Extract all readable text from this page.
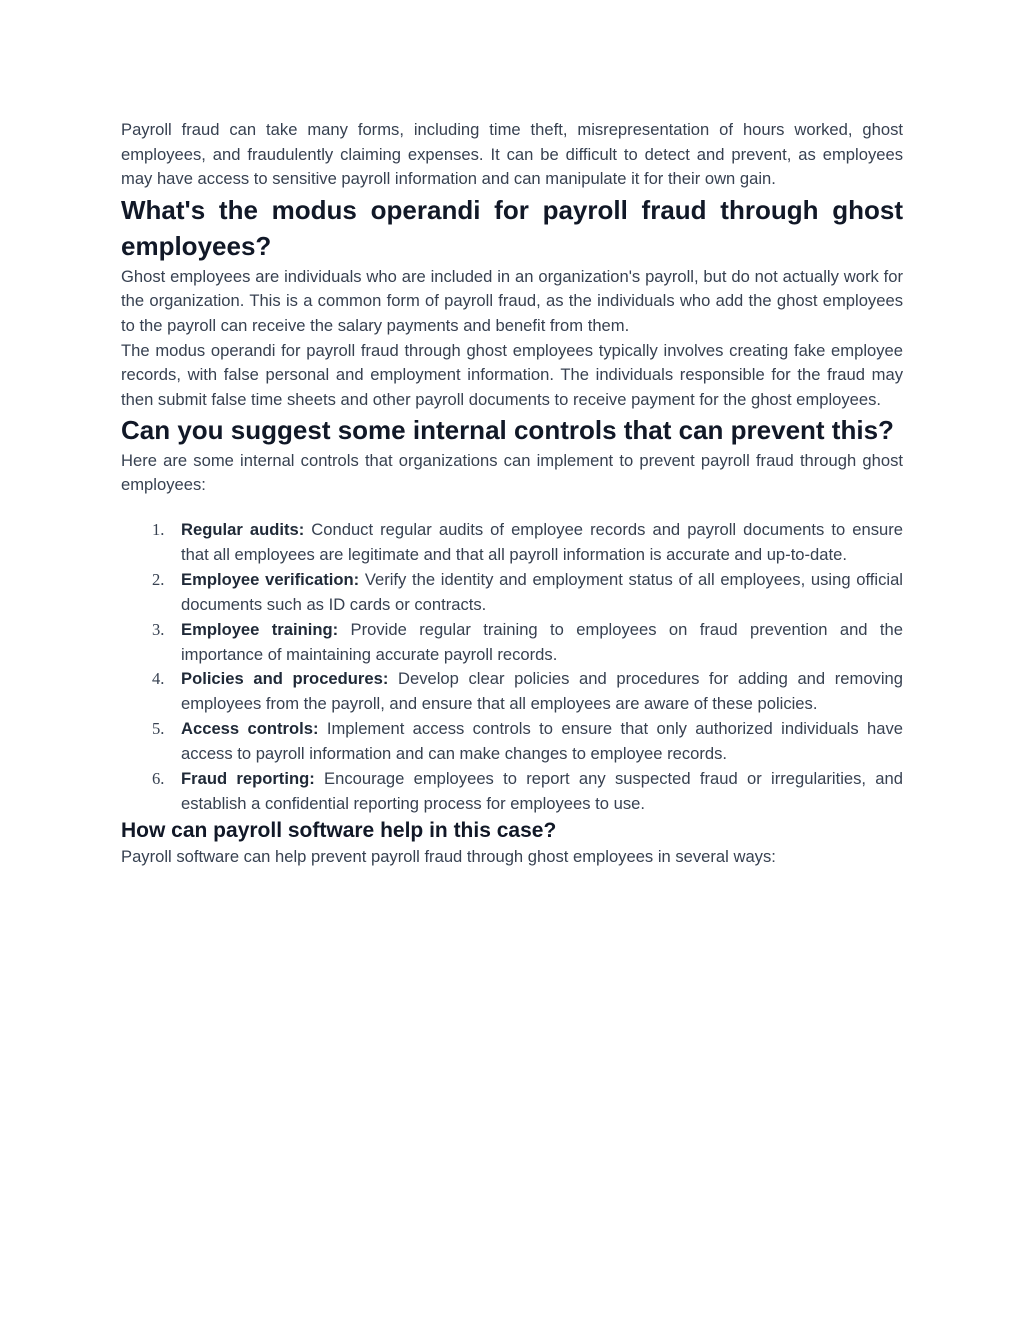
Payroll fraud can take many forms, including time theft, misrepresentation of hours worked, ghost employees, and fraudulently claiming expenses. It can be difficult to detect and prevent, as employees may have access to sensitive payroll information and can manipulate it for their own gain.

What's the modus operandi for payroll fraud through ghost employees?

Ghost employees are individuals who are included in an organization's payroll, but do not actually work for the organization. This is a common form of payroll fraud, as the individuals who add the ghost employees to the payroll can receive the salary payments and benefit from them.

The modus operandi for payroll fraud through ghost employees typically involves creating fake employee records, with false personal and employment information. The individuals responsible for the fraud may then submit false time sheets and other payroll documents to receive payment for the ghost employees.

Can you suggest some internal controls that can prevent this?

Here are some internal controls that organizations can implement to prevent payroll fraud through ghost employees:

1. Regular audits: Conduct regular audits of employee records and payroll documents to ensure that all employees are legitimate and that all payroll information is accurate and up-to-date.
2. Employee verification: Verify the identity and employment status of all employees, using official documents such as ID cards or contracts.
3. Employee training: Provide regular training to employees on fraud prevention and the importance of maintaining accurate payroll records.
4. Policies and procedures: Develop clear policies and procedures for adding and removing employees from the payroll, and ensure that all employees are aware of these policies.
5. Access controls: Implement access controls to ensure that only authorized individuals have access to payroll information and can make changes to employee records.
6. Fraud reporting: Encourage employees to report any suspected fraud or irregularities, and establish a confidential reporting process for employees to use.
How can payroll software help in this case?

Payroll software can help prevent payroll fraud through ghost employees in several ways:
